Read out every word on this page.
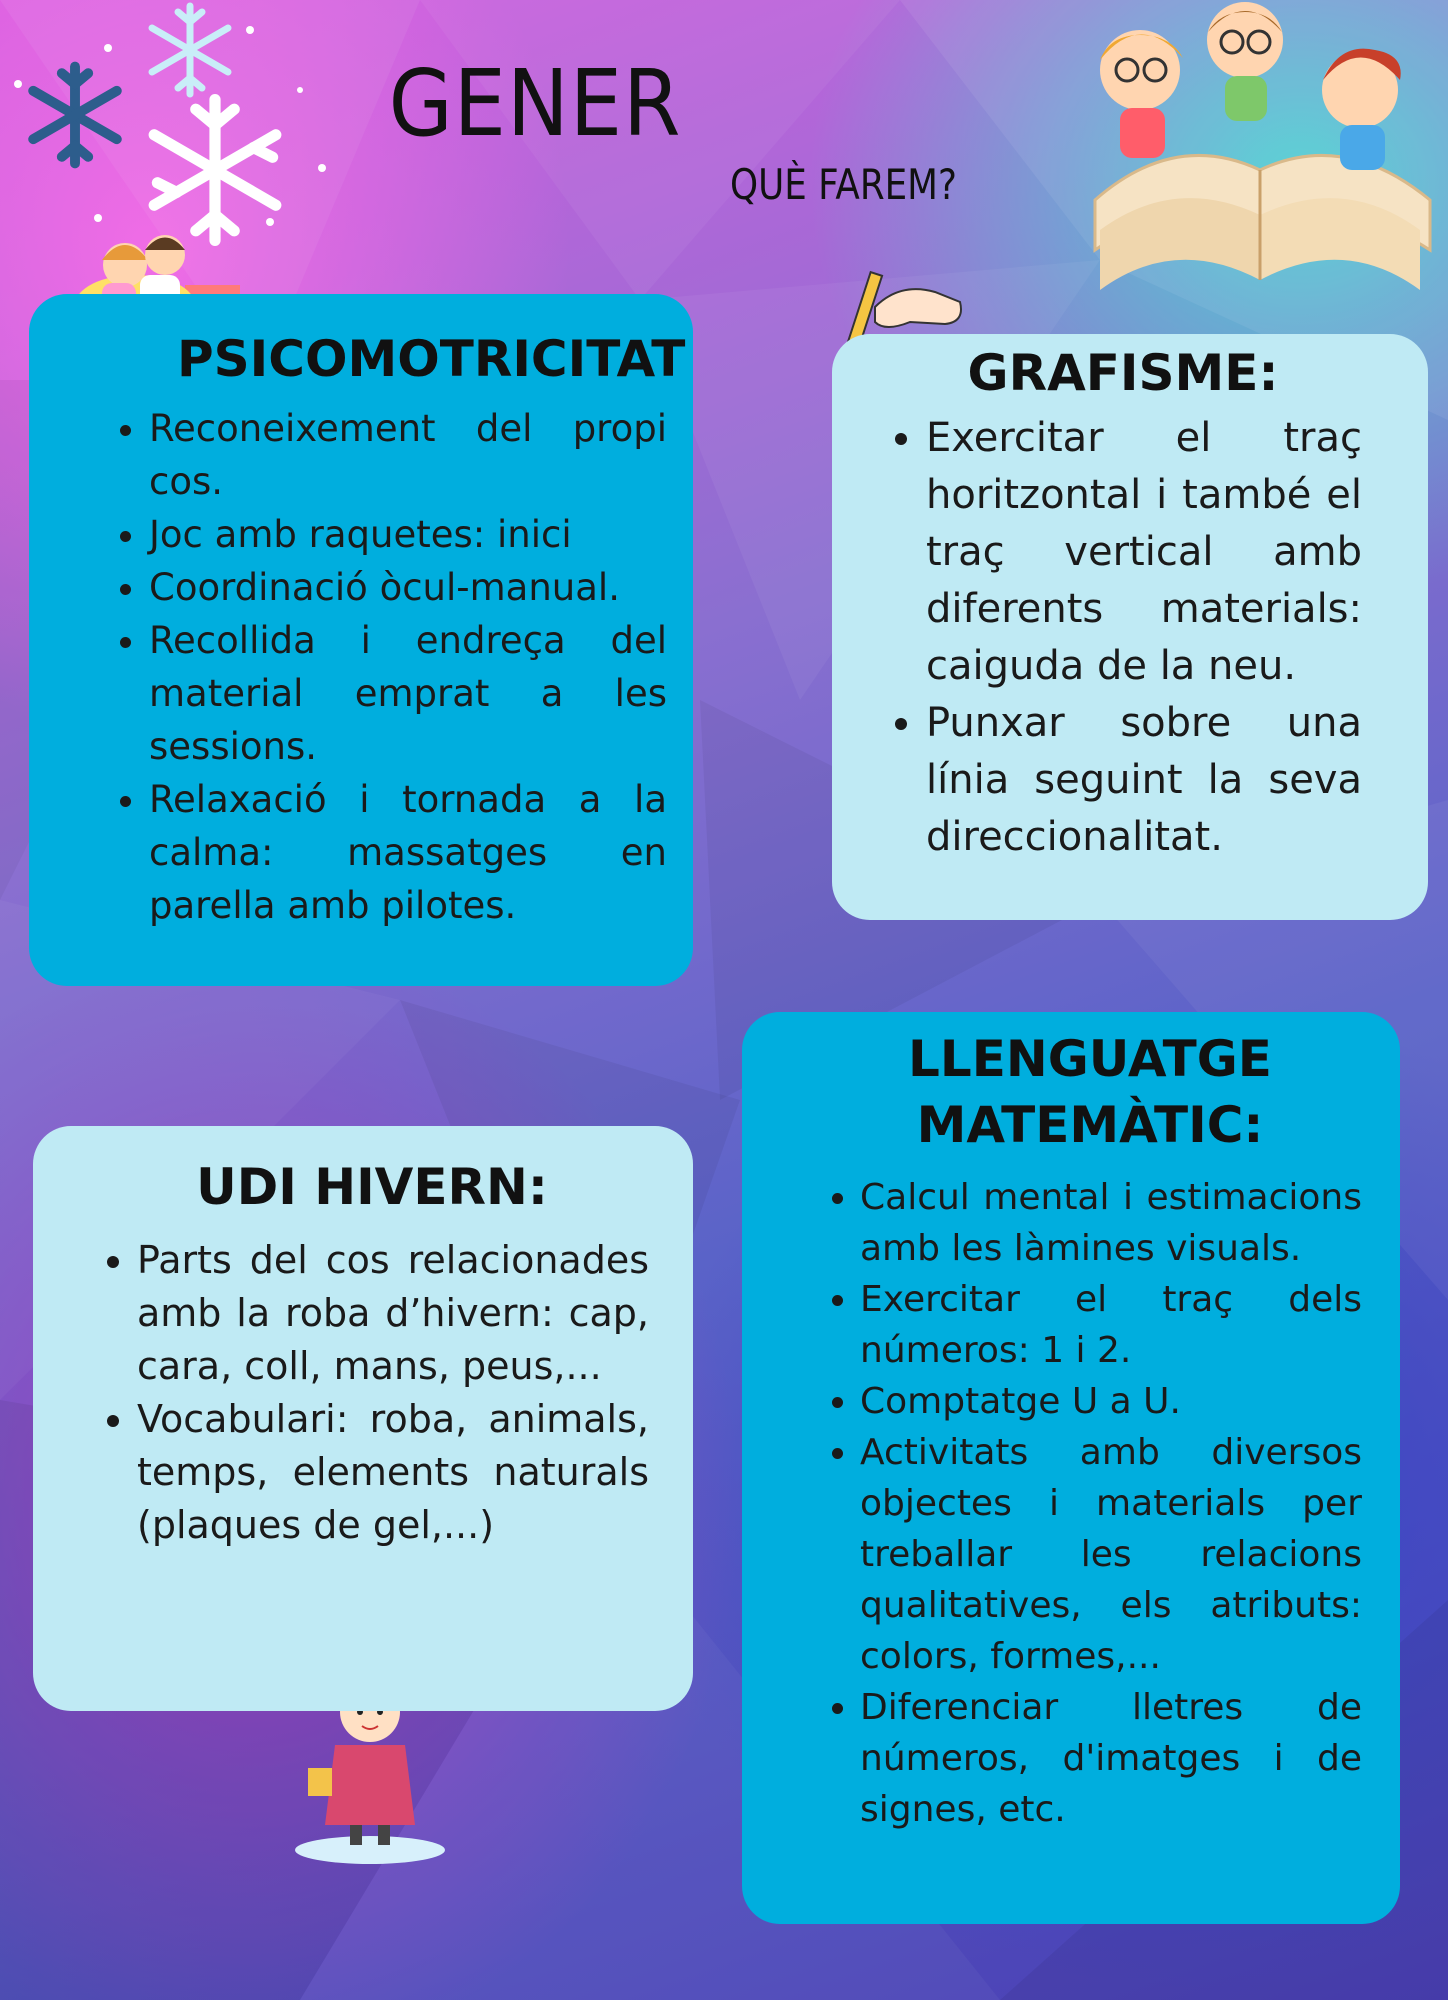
GENER
QUÈ FAREM?
PSICOMOTRICITAT
• Reconeixement del propi cos.
• Joc amb raquetes: inici
• Coordinació òcul-manual.
• Recollida i endreça del material emprat a les sessions.
• Relaxació i tornada a la calma: massatges en parella amb pilotes.
GRAFISME:
• Exercitar el traç horitzontal i també el traç vertical amb diferents materials: caiguda de la neu.
• Punxar sobre una línia seguint la seva direccionalitat.
UDI HIVERN:
• Parts del cos relacionades amb la roba d’hivern: cap, cara, coll, mans, peus,...
• Vocabulari: roba, animals, temps, elements naturals (plaques de gel,...)
LLENGUATGE
MATEMÀTIC:
• Calcul mental i estimacions amb les làmines visuals.
• Exercitar el traç dels números: 1 i 2.
• Comptatge U a U.
• Activitats amb diversos objectes i materials per treballar les relacions qualitatives, els atributs: colors, formes,...
• Diferenciar lletres de números, d'imatges i de signes, etc.
